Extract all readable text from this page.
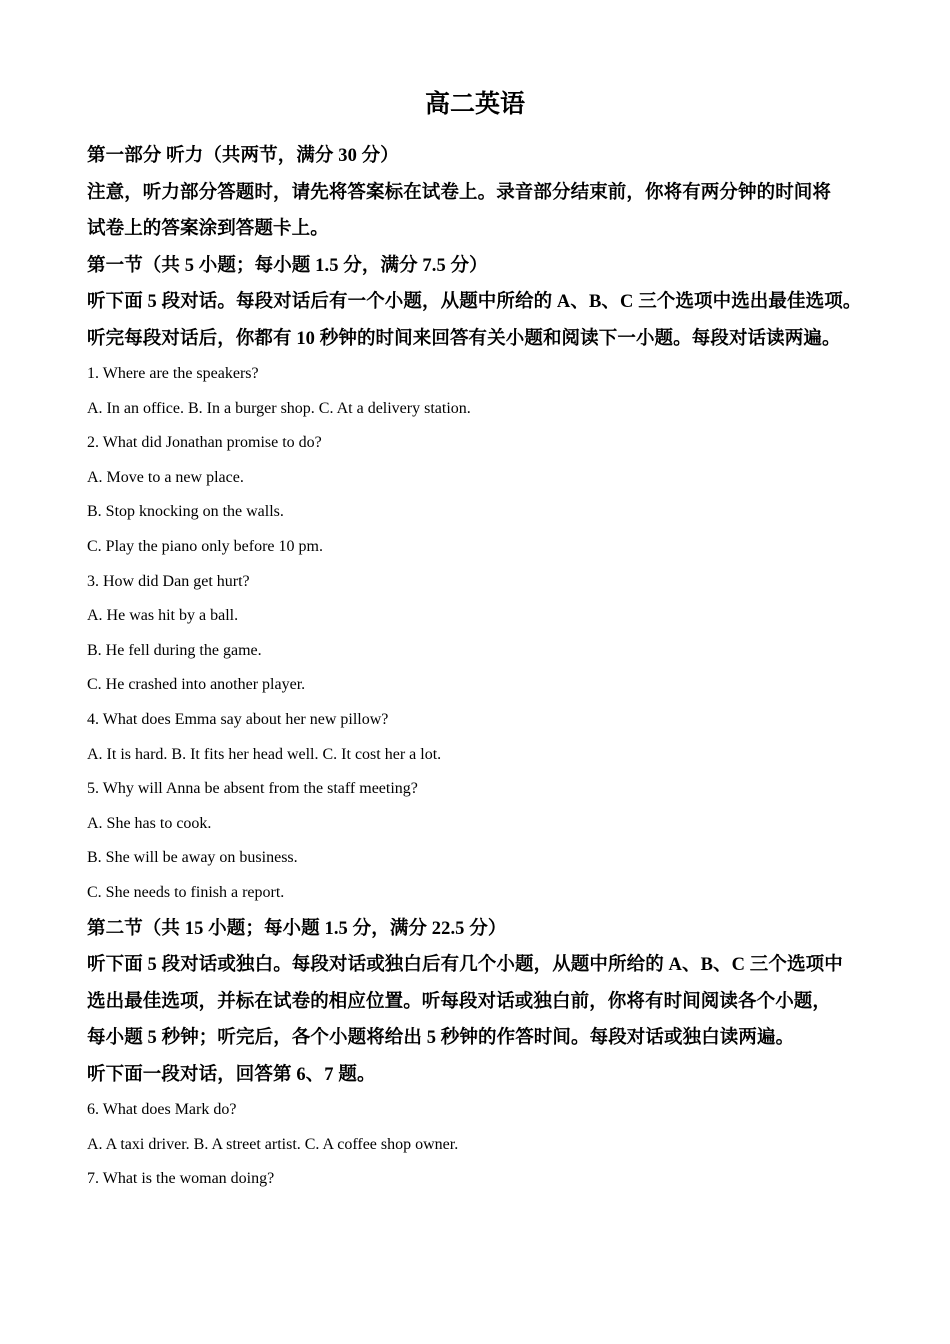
高二英语
第一部分 听力（共两节，满分 30 分）
注意，听力部分答题时，请先将答案标在试卷上。录音部分结束前，你将有两分钟的时间将
试卷上的答案涂到答题卡上。
第一节（共 5 小题；每小题 1.5 分，满分 7.5 分）
听下面 5 段对话。每段对话后有一个小题，从题中所给的 A、B、C 三个选项中选出最佳选项。
听完每段对话后，你都有 10 秒钟的时间来回答有关小题和阅读下一小题。每段对话读两遍。
1. Where are the speakers?
A. In an office. B. In a burger shop. C. At a delivery station.
2. What did Jonathan promise to do?
A. Move to a new place.
B. Stop knocking on the walls.
C. Play the piano only before 10 pm.
3. How did Dan get hurt?
A. He was hit by a ball.
B. He fell during the game.
C. He crashed into another player.
4. What does Emma say about her new pillow?
A. It is hard. B. It fits her head well. C. It cost her a lot.
5. Why will Anna be absent from the staff meeting?
A. She has to cook.
B. She will be away on business.
C. She needs to finish a report.
第二节（共 15 小题；每小题 1.5 分，满分 22.5 分）
听下面 5 段对话或独白。每段对话或独白后有几个小题，从题中所给的 A、B、C 三个选项中
选出最佳选项，并标在试卷的相应位置。听每段对话或独白前，你将有时间阅读各个小题，
每小题 5 秒钟；听完后，各个小题将给出 5 秒钟的作答时间。每段对话或独白读两遍。
听下面一段对话，回答第 6、7 题。
6. What does Mark do?
A. A taxi driver. B. A street artist. C. A coffee shop owner.
7. What is the woman doing?
